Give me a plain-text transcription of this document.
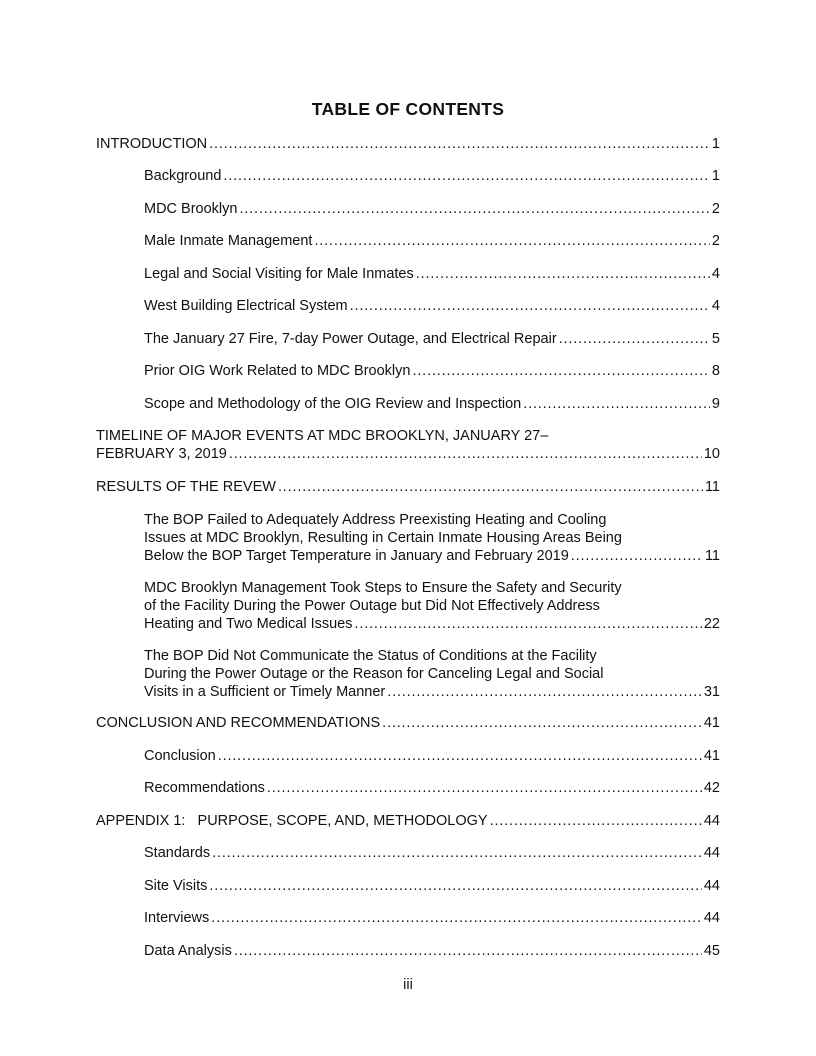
TABLE OF CONTENTS
INTRODUCTION . . .	1
Background . . .	1
MDC Brooklyn . . .	2
Male Inmate Management . . .	2
Legal and Social Visiting for Male Inmates . . .	4
West Building Electrical System . . .	4
The January 27 Fire, 7-day Power Outage, and Electrical Repair . . .	5
Prior OIG Work Related to MDC Brooklyn . . .	8
Scope and Methodology of the OIG Review and Inspection . . .	9
TIMELINE OF MAJOR EVENTS AT MDC BROOKLYN, JANUARY 27–
FEBRUARY 3, 2019 . . .	10
RESULTS OF THE REVEW . . .	11
The BOP Failed to Adequately Address Preexisting Heating and Cooling
Issues at MDC Brooklyn, Resulting in Certain Inmate Housing Areas Being
Below the BOP Target Temperature in January and February 2019 . . .	11
MDC Brooklyn Management Took Steps to Ensure the Safety and Security
of the Facility During the Power Outage but Did Not Effectively Address
Heating and Two Medical Issues . . .	22
The BOP Did Not Communicate the Status of Conditions at the Facility
During the Power Outage or the Reason for Canceling Legal and Social
Visits in a Sufficient or Timely Manner . . .	31
CONCLUSION AND RECOMMENDATIONS . . .	41
Conclusion . . .	41
Recommendations . . .	42
APPENDIX 1:   PURPOSE, SCOPE, AND, METHODOLOGY . . .	44
Standards . . .	44
Site Visits . . .	44
Interviews . . .	44
Data Analysis . . .	45
iii
